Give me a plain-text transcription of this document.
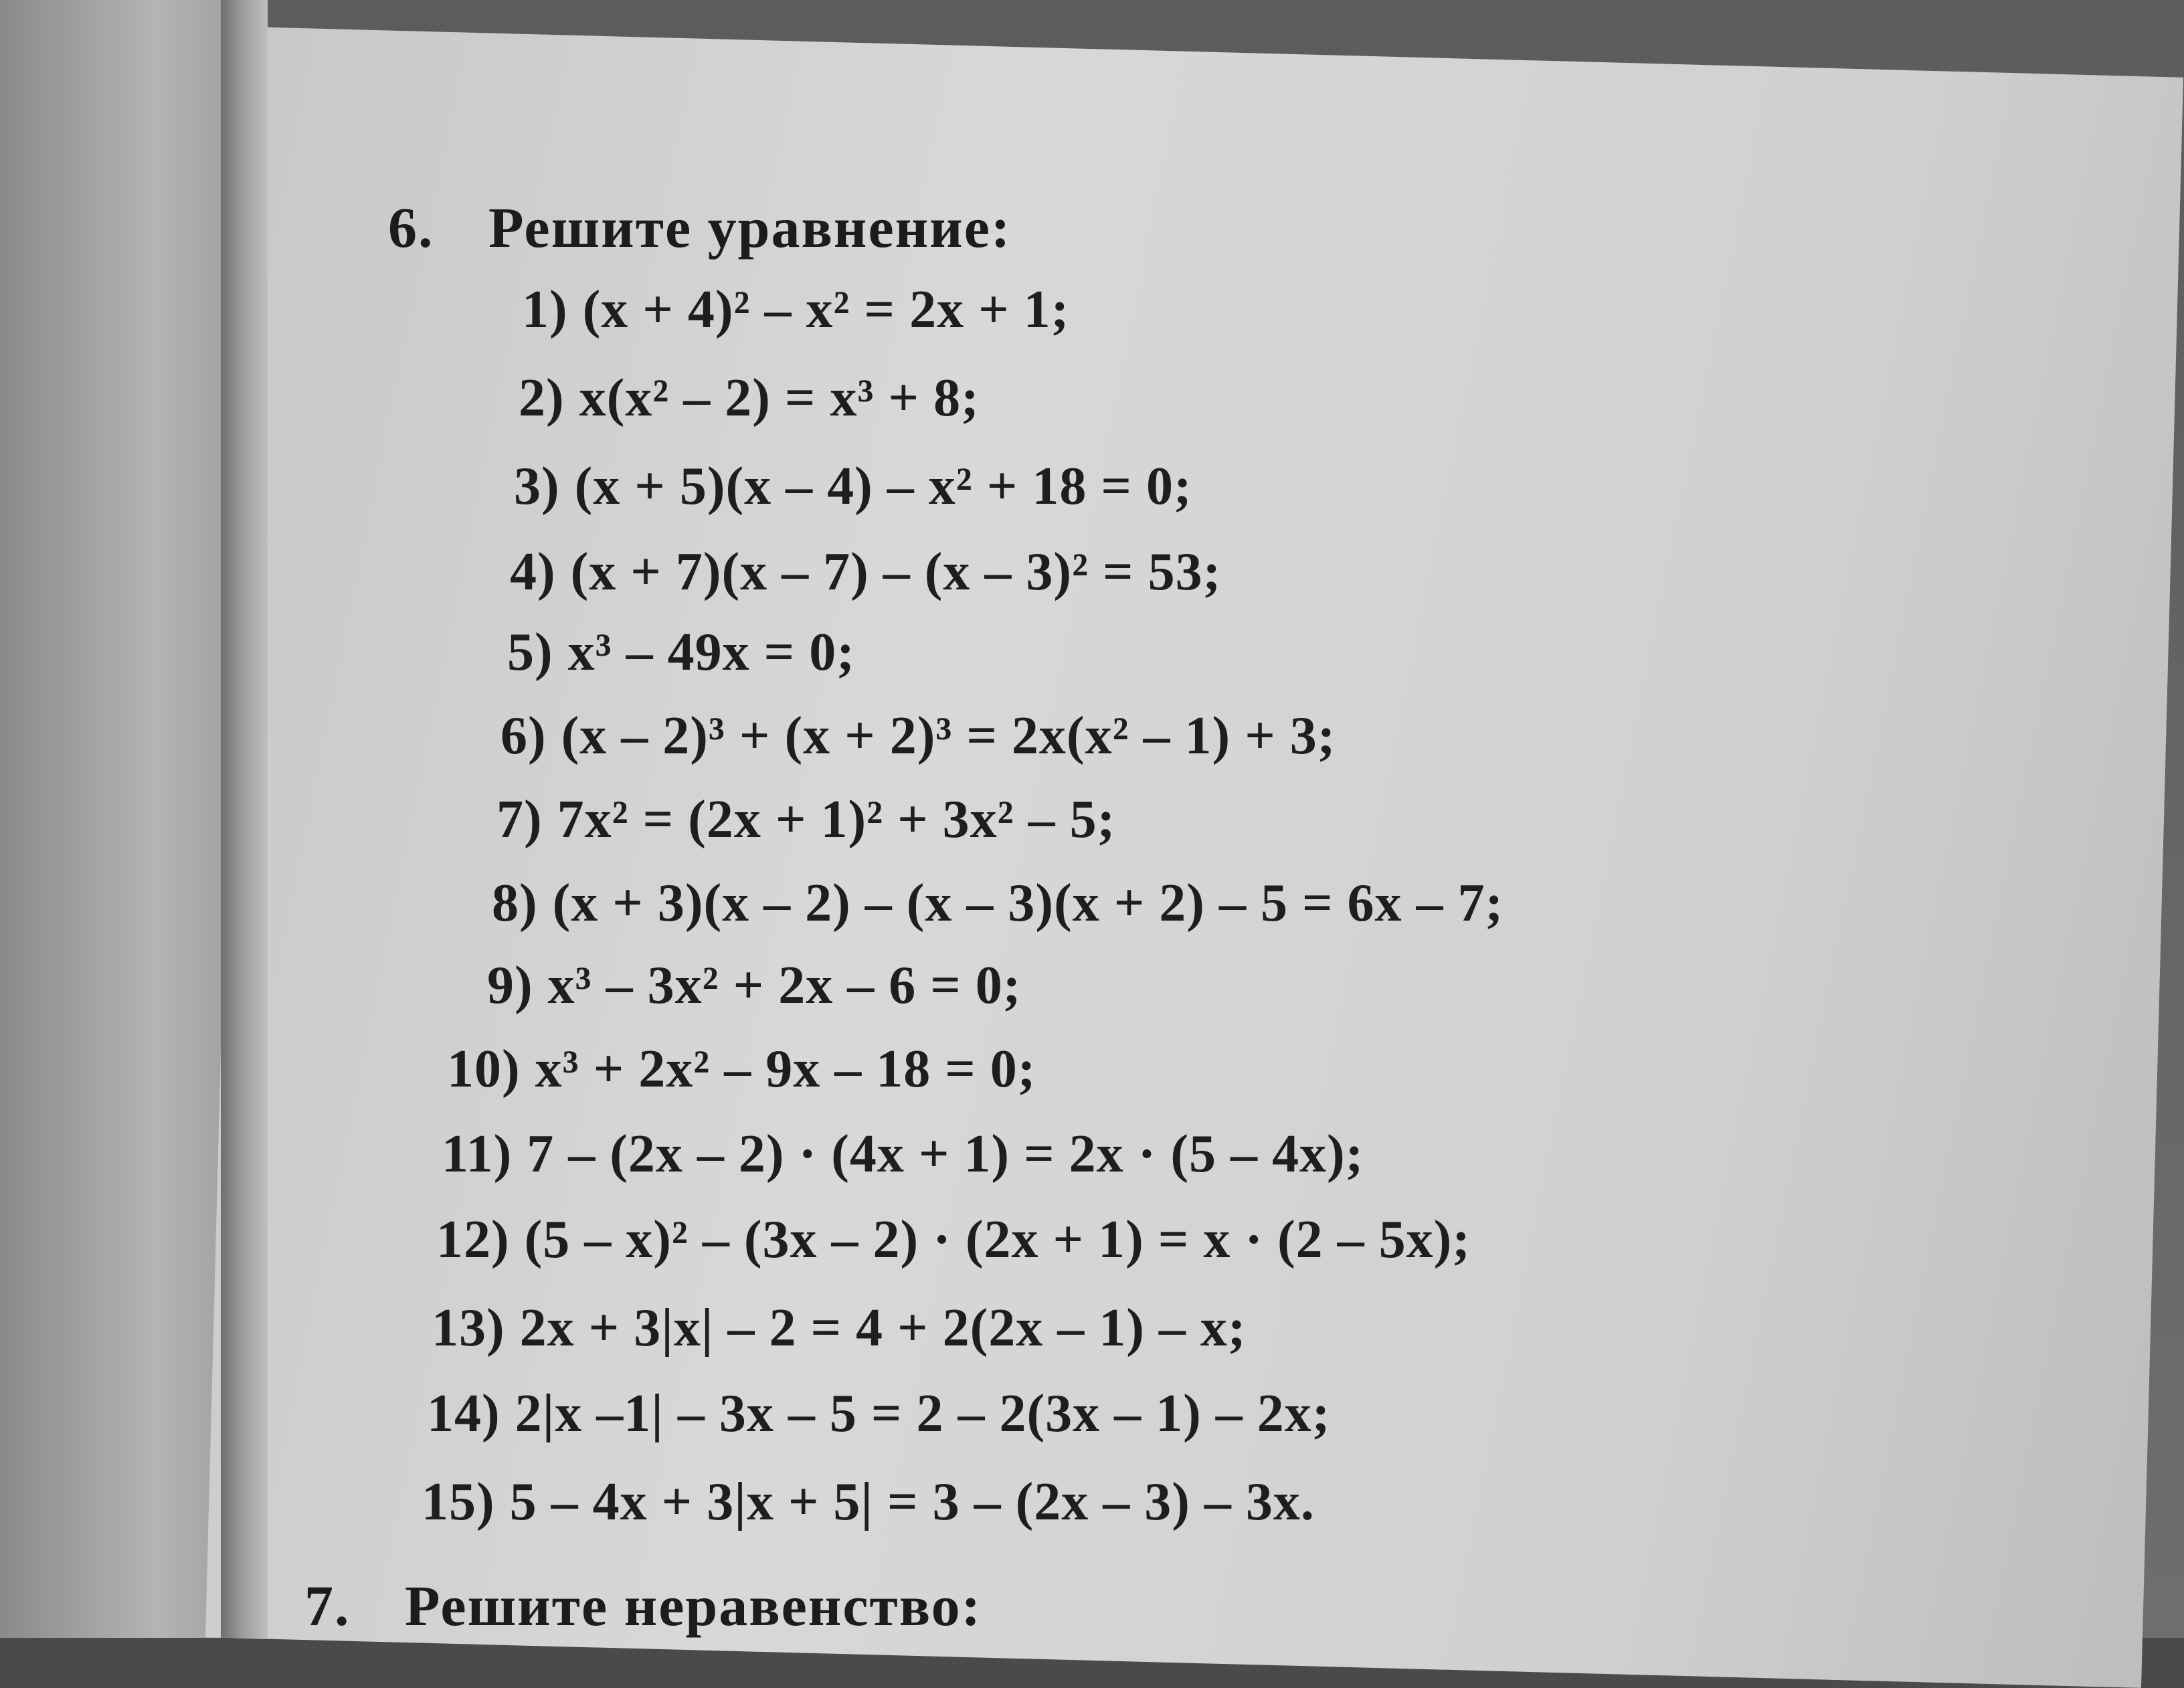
6. Решите уравнение:
1) (x + 4)² – x² = 2x + 1;
2) x(x² – 2) = x³ + 8;
3) (x + 5)(x – 4) – x² + 18 = 0;
4) (x + 7)(x – 7) – (x – 3)² = 53;
5) x³ – 49x = 0;
6) (x – 2)³ + (x + 2)³ = 2x(x² – 1) + 3;
7) 7x² = (2x + 1)² + 3x² – 5;
8) (x + 3)(x – 2) – (x – 3)(x + 2) – 5 = 6x – 7;
9) x³ – 3x² + 2x – 6 = 0;
10) x³ + 2x² – 9x – 18 = 0;
11) 7 – (2x – 2) · (4x + 1) = 2x · (5 – 4x);
12) (5 – x)² – (3x – 2) · (2x + 1) = x · (2 – 5x);
13) 2x + 3|x| – 2 = 4 + 2(2x – 1) – x;
14) 2|x –1| – 3x – 5 = 2 – 2(3x – 1) – 2x;
15) 5 – 4x + 3|x + 5| = 3 – (2x – 3) – 3x.
7. Решите неравенство:
